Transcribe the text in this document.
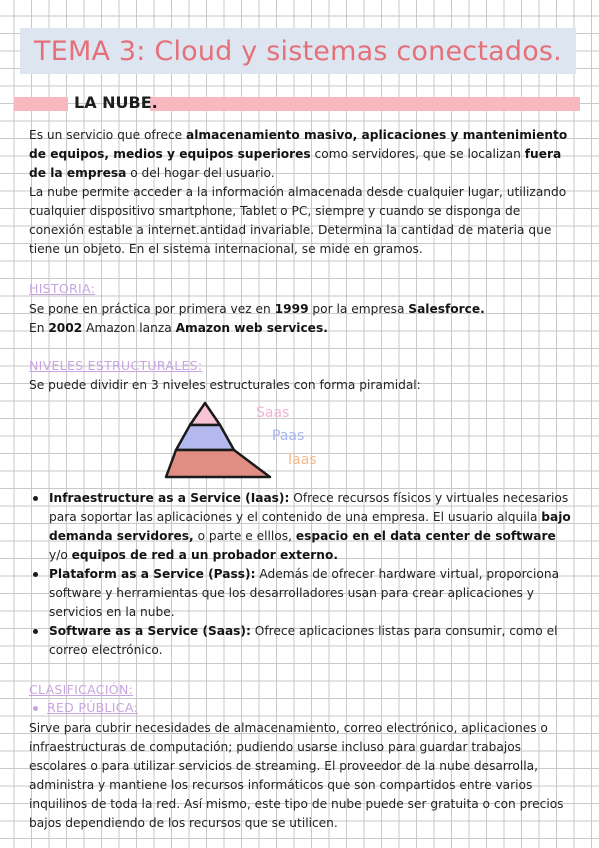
TEMA 3: Cloud y sistemas conectados.
LA NUBE.

Es un servicio que ofrece almacenamiento masivo, aplicaciones y mantenimiento de equipos, medios y equipos superiores como servidores, que se localizan fuera de la empresa o del hogar del usuario.

La nube permite acceder a la información almacenada desde cualquier lugar, utilizando cualquier dispositivo smartphone, Tablet o PC, siempre y cuando se disponga de conexión estable a internet.antidad invariable. Determina la cantidad de materia que tiene un objeto. En el sistema internacional, se mide en gramos.

HISTORIA:

Se pone en práctica por primera vez en 1999 por la empresa Salesforce.

En 2002 Amazon lanza Amazon web services.

NIVELES ESTRUCTURALES:
Se puede dividir en 3 niveles estructurales con forma piramidal:
Saas
Paas
Iaas
Infraestructure as a Service (Iaas): Ofrece recursos físicos y virtuales necesarios para soportar las aplicaciones y el contenido de una empresa. El usuario alquila bajo demanda servidores, o parte e elllos, espacio en el data center de software y/o equipos de red a un probador externo.
Plataform as a Service (Pass): Además de ofrecer hardware virtual, proporciona software y herramientas que los desarrolladores usan para crear aplicaciones y servicios en la nube.
Software as a Service (Saas): Ofrece aplicaciones listas para consumir, como el correo electrónico.
CLASIFICACIÓN:
RED PÚBLICA:
Sirve para cubrir necesidades de almacenamiento, correo electrónico, aplicaciones o infraestructuras de computación; pudiendo usarse incluso para guardar trabajos escolares o para utilizar servicios de streaming. El proveedor de la nube desarrolla, administra y mantiene los recursos informáticos que son compartidos entre varios inquilinos de toda la red. Así mismo, este tipo de nube puede ser gratuita o con precios bajos dependiendo de los recursos que se utilicen.
